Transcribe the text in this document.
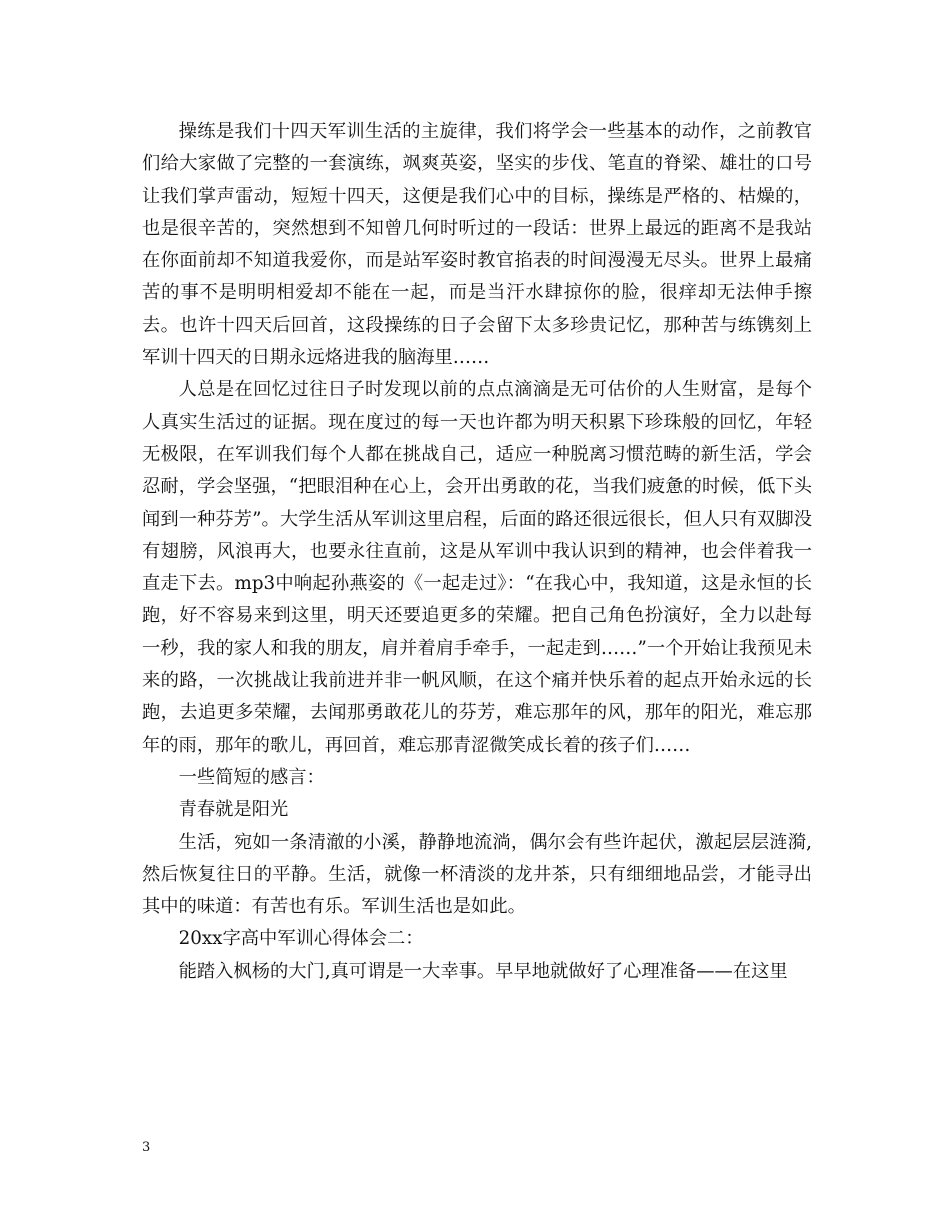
操练是我们十四天军训生活的主旋律，我们将学会一些基本的动作，之前教官们给大家做了完整的一套演练，飒爽英姿，坚实的步伐、笔直的脊梁、雄壮的口号让我们掌声雷动，短短十四天，这便是我们心中的目标，操练是严格的、枯燥的，也是很辛苦的，突然想到不知曾几何时听过的一段话：世界上最远的距离不是我站在你面前却不知道我爱你，而是站军姿时教官掐表的时间漫漫无尽头。世界上最痛苦的事不是明明相爱却不能在一起，而是当汗水肆掠你的脸，很痒却无法伸手擦去。也许十四天后回首，这段操练的日子会留下太多珍贵记忆，那种苦与练镌刻上军训十四天的日期永远烙进我的脑海里……

人总是在回忆过往日子时发现以前的点点滴滴是无可估价的人生财富，是每个人真实生活过的证据。现在度过的每一天也许都为明天积累下珍珠般的回忆，年轻无极限，在军训我们每个人都在挑战自己，适应一种脱离习惯范畴的新生活，学会忍耐，学会坚强，“把眼泪种在心上，会开出勇敢的花，当我们疲惫的时候，低下头闻到一种芬芳”。大学生活从军训这里启程，后面的路还很远很长，但人只有双脚没有翅膀，风浪再大，也要永往直前，这是从军训中我认识到的精神，也会伴着我一直走下去。mp3中响起孙燕姿的《一起走过》：“在我心中，我知道，这是永恒的长跑，好不容易来到这里，明天还要追更多的荣耀。把自己角色扮演好，全力以赴每一秒，我的家人和我的朋友，肩并着肩手牵手，一起走到……”一个开始让我预见未来的路，一次挑战让我前进并非一帆风顺，在这个痛并快乐着的起点开始永远的长跑，去追更多荣耀，去闻那勇敢花儿的芬芳，难忘那年的风，那年的阳光，难忘那年的雨，那年的歌儿，再回首，难忘那青涩微笑成长着的孩子们……

一些简短的感言：

青春就是阳光

生活，宛如一条清澈的小溪，静静地流淌，偶尔会有些许起伏，激起层层涟漪,然后恢复往日的平静。生活，就像一杯清淡的龙井茶，只有细细地品尝，才能寻出其中的味道：有苦也有乐。军训生活也是如此。

20xx字高中军训心得体会二：

能踏入枫杨的大门,真可谓是一大幸事。早早地就做好了心理准备——在这里

3
